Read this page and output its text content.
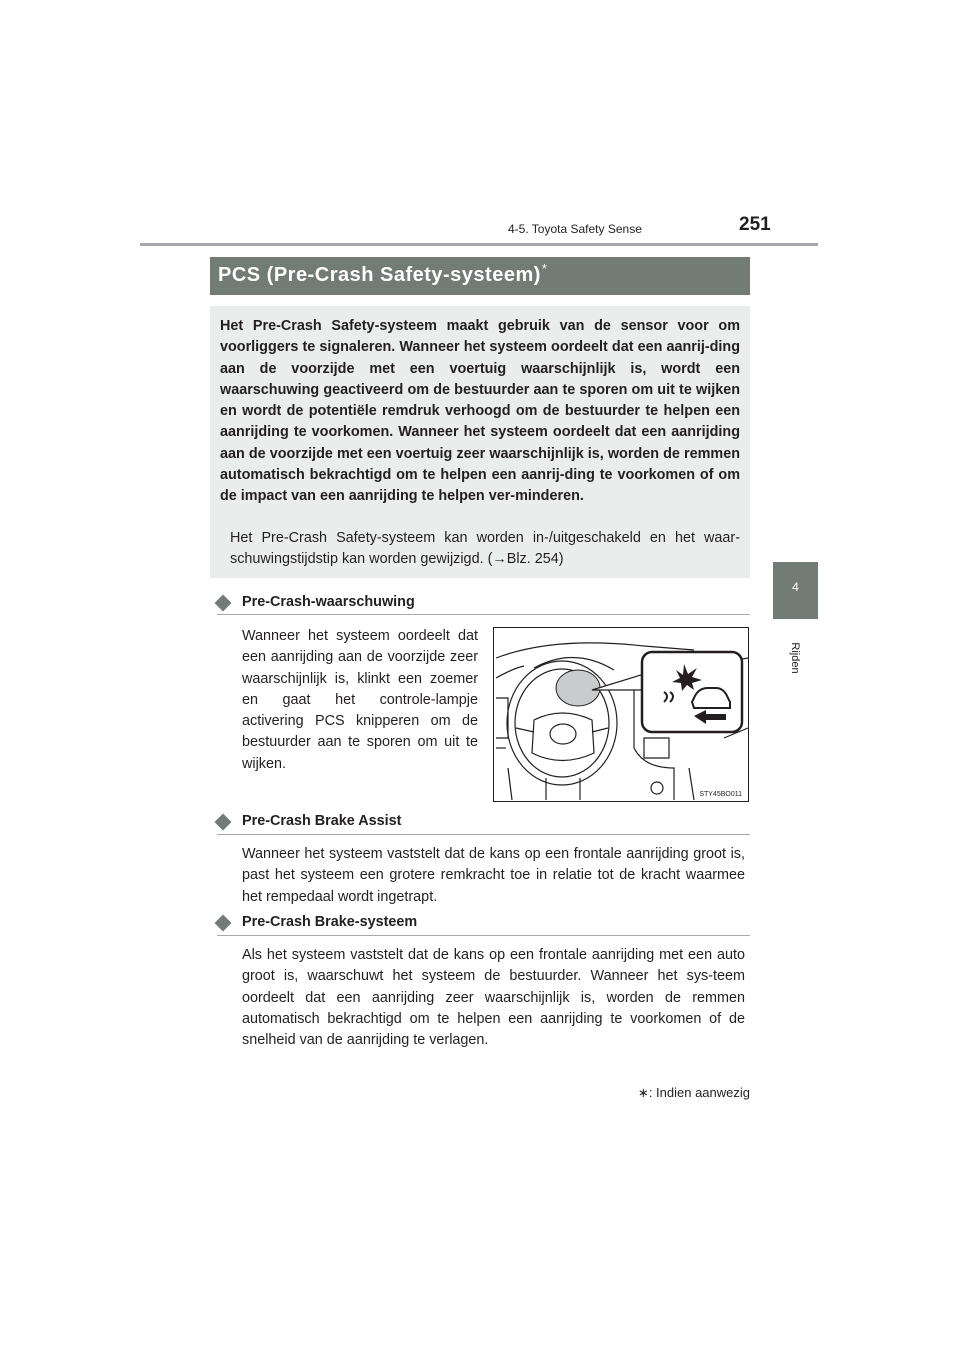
4-5. Toyota Safety Sense	251
4
Rijden
PCS (Pre-Crash Safety-systeem)*

Het Pre-Crash Safety-systeem maakt gebruik van de sensor voor om voorliggers te signaleren. Wanneer het systeem oordeelt dat een aanrij-ding aan de voorzijde met een voertuig waarschijnlijk is, wordt een waarschuwing geactiveerd om de bestuurder aan te sporen om uit te wijken en wordt de potentiële remdruk verhoogd om de bestuurder te helpen een aanrijding te voorkomen. Wanneer het systeem oordeelt dat een aanrijding aan de voorzijde met een voertuig zeer waarschijnlijk is, worden de remmen automatisch bekrachtigd om te helpen een aanrij-ding te voorkomen of om de impact van een aanrijding te helpen ver-minderen.

Het Pre-Crash Safety-systeem kan worden in-/uitgeschakeld en het waar-schuwingstijdstip kan worden gewijzigd. (→Blz. 254)

Pre-Crash-waarschuwing

Wanneer het systeem oordeelt dat een aanrijding aan de voorzijde zeer waarschijnlijk is, klinkt een zoemer en gaat het controle-lampje activering PCS knipperen om de bestuurder aan te sporen om uit te wijken.

STY45BO011
Pre-Crash Brake Assist

Wanneer het systeem vaststelt dat de kans op een frontale aanrijding groot is, past het systeem een grotere remkracht toe in relatie tot de kracht waarmee het rempedaal wordt ingetrapt.

Pre-Crash Brake-systeem

Als het systeem vaststelt dat de kans op een frontale aanrijding met een auto groot is, waarschuwt het systeem de bestuurder. Wanneer het sys-teem oordeelt dat een aanrijding zeer waarschijnlijk is, worden de remmen automatisch bekrachtigd om te helpen een aanrijding te voorkomen of de snelheid van de aanrijding te verlagen.

∗: Indien aanwezig
